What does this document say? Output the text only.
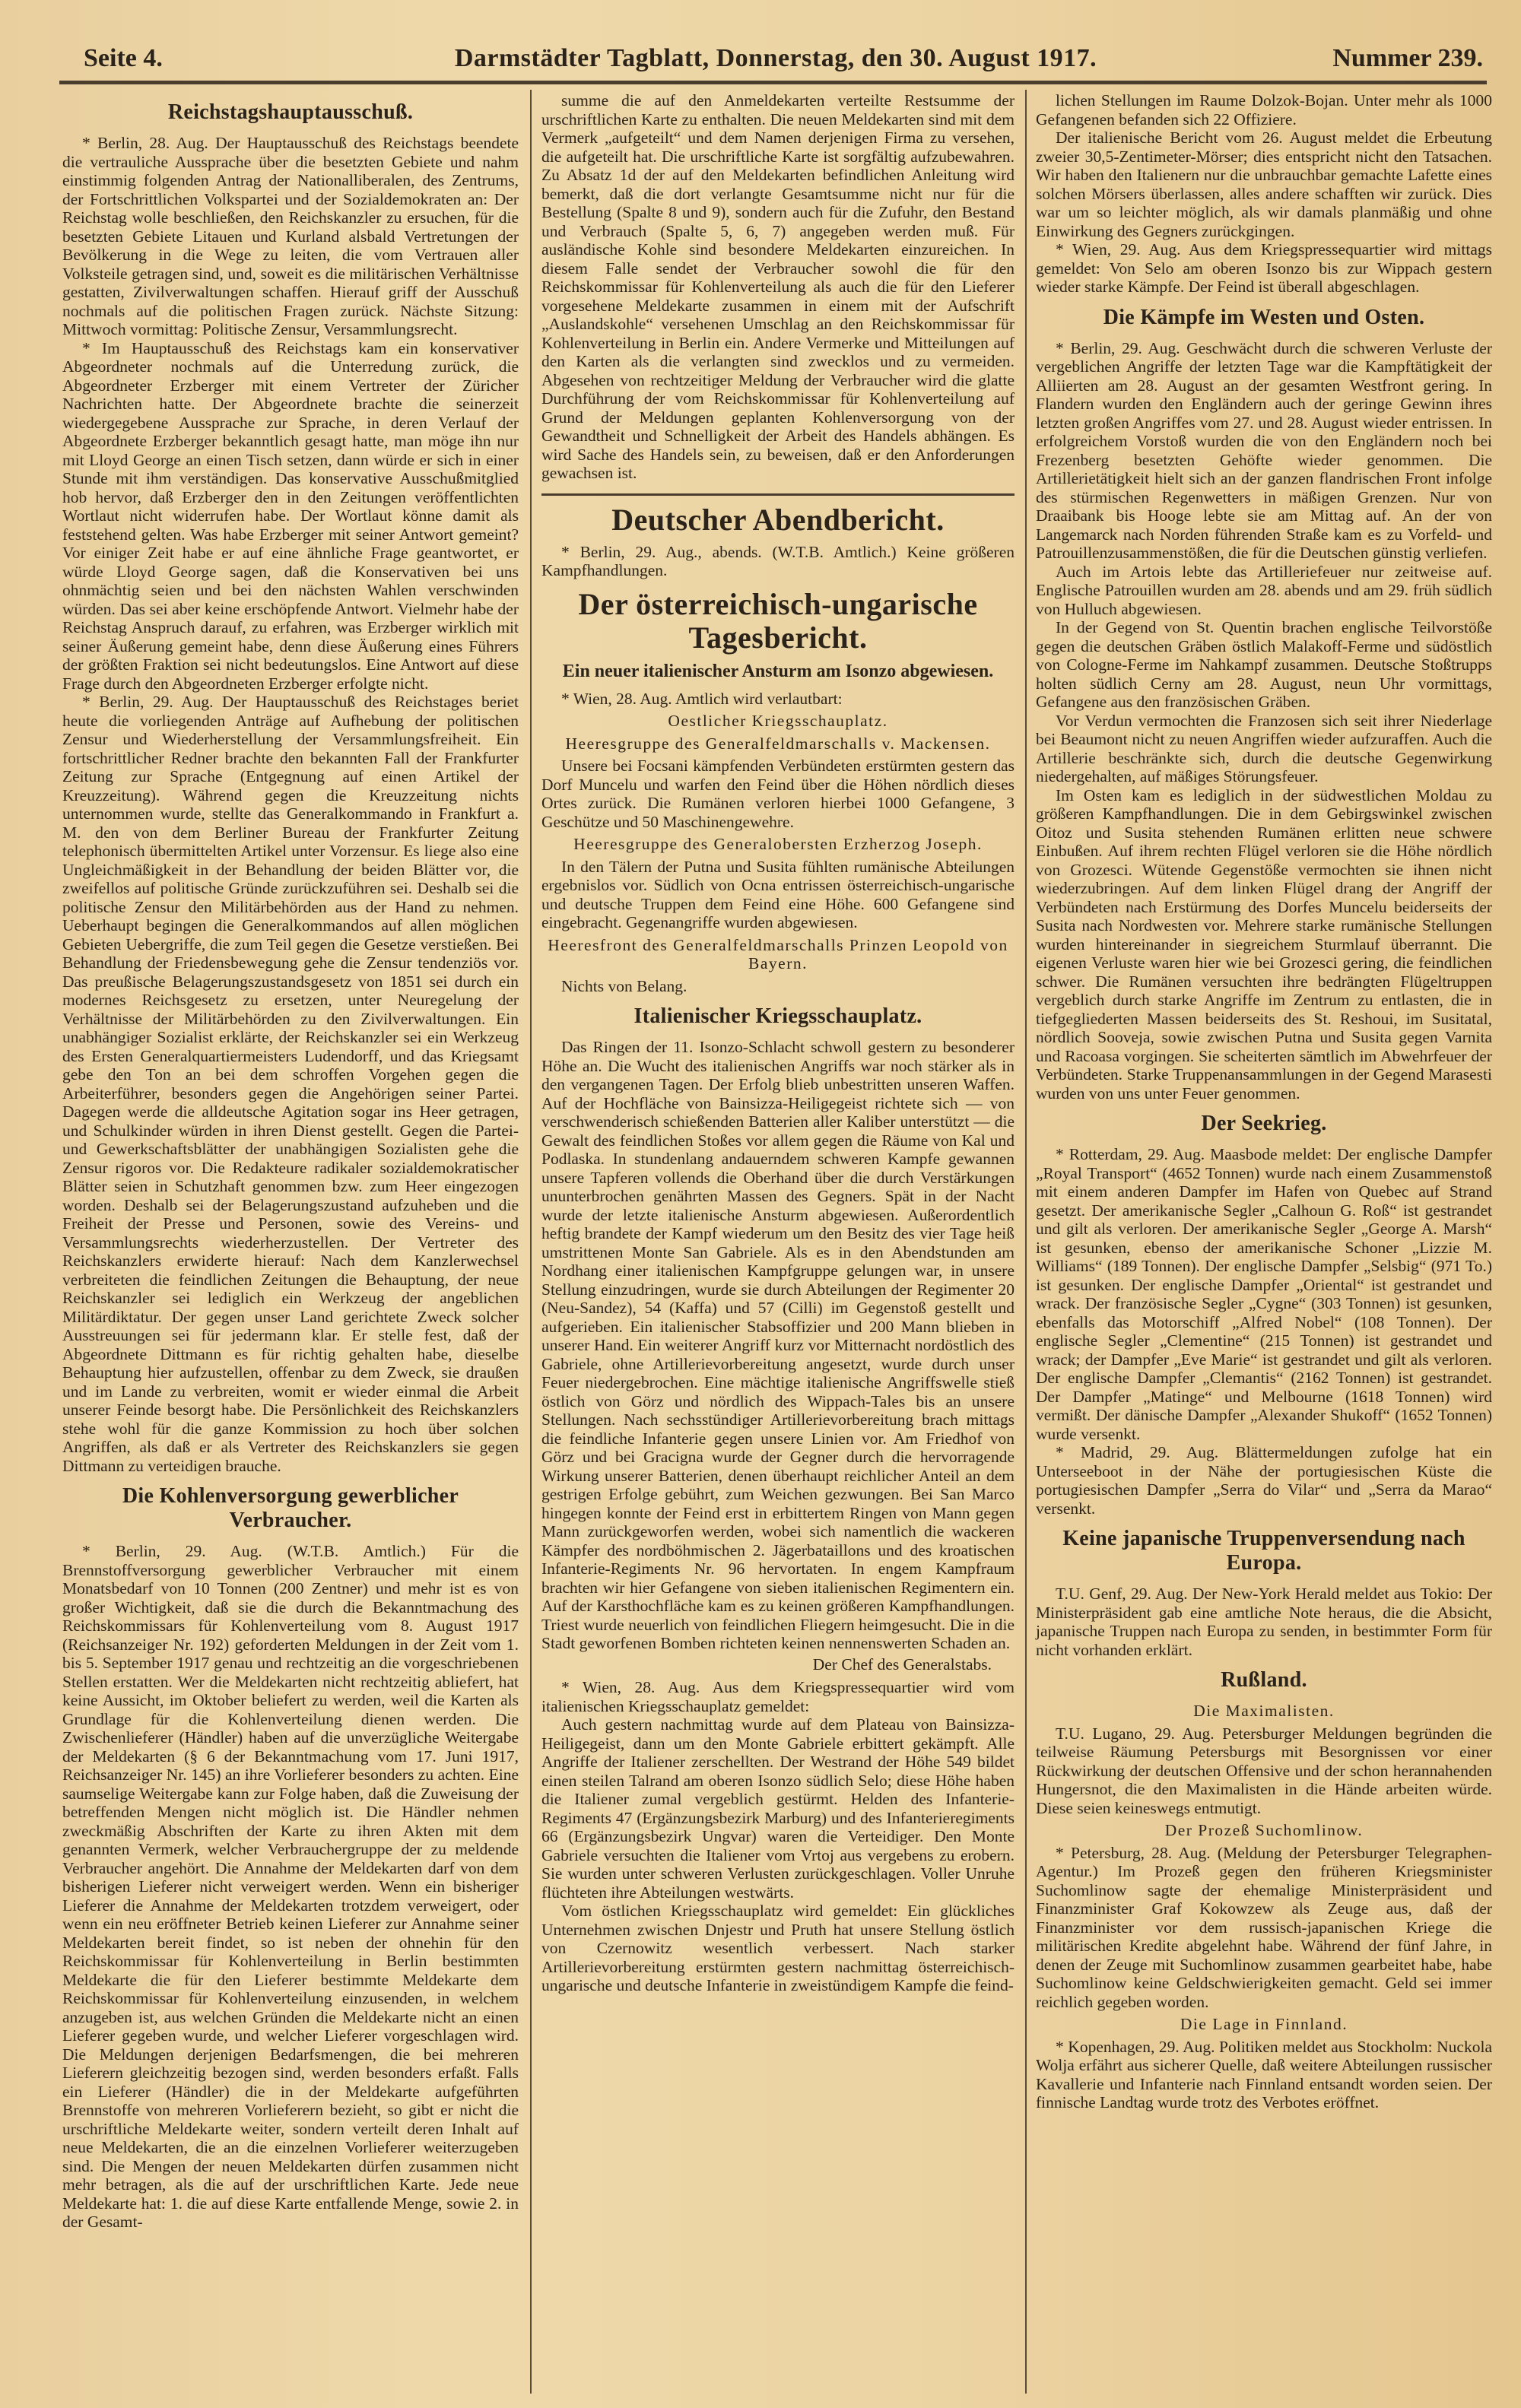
Seite 4.	Darmstädter Tagblatt, Donnerstag, den 30. August 1917.	Nummer 239.
Reichstagshauptausschuß.

* Berlin, 28. Aug. Der Hauptausschuß des Reichstags beendete die vertrauliche Aussprache über die besetzten Gebiete und nahm einstimmig folgenden Antrag der Nationalliberalen, des Zentrums, der Fortschrittlichen Volkspartei und der Sozialdemokraten an: Der Reichstag wolle beschließen, den Reichskanzler zu ersuchen, für die besetzten Gebiete Litauen und Kurland alsbald Vertretungen der Bevölkerung in die Wege zu leiten, die vom Vertrauen aller Volksteile getragen sind, und, soweit es die militärischen Verhältnisse gestatten, Zivilverwaltungen schaffen. Hierauf griff der Ausschuß nochmals auf die politischen Fragen zurück. Nächste Sitzung: Mittwoch vormittag: Politische Zensur, Versammlungsrecht.

* Im Hauptausschuß des Reichstags kam ein konservativer Abgeordneter nochmals auf die Unterredung zurück, die Abgeordneter Erzberger mit einem Vertreter der Züricher Nachrichten hatte. Der Abgeordnete brachte die seinerzeit wiedergegebene Aussprache zur Sprache, in deren Verlauf der Abgeordnete Erzberger bekanntlich gesagt hatte, man möge ihn nur mit Lloyd George an einen Tisch setzen, dann würde er sich in einer Stunde mit ihm verständigen. Das konservative Ausschußmitglied hob hervor, daß Erzberger den in den Zeitungen veröffentlichten Wortlaut nicht widerrufen habe. Der Wortlaut könne damit als feststehend gelten. Was habe Erzberger mit seiner Antwort gemeint? Vor einiger Zeit habe er auf eine ähnliche Frage geantwortet, er würde Lloyd George sagen, daß die Konservativen bei uns ohnmächtig seien und bei den nächsten Wahlen verschwinden würden. Das sei aber keine erschöpfende Antwort. Vielmehr habe der Reichstag Anspruch darauf, zu erfahren, was Erzberger wirklich mit seiner Äußerung gemeint habe, denn diese Äußerung eines Führers der größten Fraktion sei nicht bedeutungslos. Eine Antwort auf diese Frage durch den Abgeordneten Erzberger erfolgte nicht.

* Berlin, 29. Aug. Der Hauptausschuß des Reichstages beriet heute die vorliegenden Anträge auf Aufhebung der politischen Zensur und Wiederherstellung der Versammlungsfreiheit. Ein fortschrittlicher Redner brachte den bekannten Fall der Frankfurter Zeitung zur Sprache (Entgegnung auf einen Artikel der Kreuzzeitung). Während gegen die Kreuzzeitung nichts unternommen wurde, stellte das Generalkommando in Frankfurt a. M. den von dem Berliner Bureau der Frankfurter Zeitung telephonisch übermittelten Artikel unter Vorzensur. Es liege also eine Ungleichmäßigkeit in der Behandlung der beiden Blätter vor, die zweifellos auf politische Gründe zurückzuführen sei. Deshalb sei die politische Zensur den Militärbehörden aus der Hand zu nehmen. Ueberhaupt begingen die Generalkommandos auf allen möglichen Gebieten Uebergriffe, die zum Teil gegen die Gesetze verstießen. Bei Behandlung der Friedensbewegung gehe die Zensur tendenziös vor. Das preußische Belagerungszustandsgesetz von 1851 sei durch ein modernes Reichsgesetz zu ersetzen, unter Neuregelung der Verhältnisse der Militärbehörden zu den Zivilverwaltungen. Ein unabhängiger Sozialist erklärte, der Reichskanzler sei ein Werkzeug des Ersten Generalquartiermeisters Ludendorff, und das Kriegsamt gebe den Ton an bei dem schroffen Vorgehen gegen die Arbeiterführer, besonders gegen die Angehörigen seiner Partei. Dagegen werde die alldeutsche Agitation sogar ins Heer getragen, und Schulkinder würden in ihren Dienst gestellt. Gegen die Partei- und Gewerkschaftsblätter der unabhängigen Sozialisten gehe die Zensur rigoros vor. Die Redakteure radikaler sozialdemokratischer Blätter seien in Schutzhaft genommen bzw. zum Heer eingezogen worden. Deshalb sei der Belagerungszustand aufzuheben und die Freiheit der Presse und Personen, sowie des Vereins- und Versammlungsrechts wiederherzustellen. Der Vertreter des Reichskanzlers erwiderte hierauf: Nach dem Kanzlerwechsel verbreiteten die feindlichen Zeitungen die Behauptung, der neue Reichskanzler sei lediglich ein Werkzeug der angeblichen Militärdiktatur. Der gegen unser Land gerichtete Zweck solcher Ausstreuungen sei für jedermann klar. Er stelle fest, daß der Abgeordnete Dittmann es für richtig gehalten habe, dieselbe Behauptung hier aufzustellen, offenbar zu dem Zweck, sie draußen und im Lande zu verbreiten, womit er wieder einmal die Arbeit unserer Feinde besorgt habe. Die Persönlichkeit des Reichskanzlers stehe wohl für die ganze Kommission zu hoch über solchen Angriffen, als daß er als Vertreter des Reichskanzlers sie gegen Dittmann zu verteidigen brauche.

Die Kohlenversorgung gewerblicher Verbraucher.

* Berlin, 29. Aug. (W.T.B. Amtlich.) Für die Brennstoffversorgung gewerblicher Verbraucher mit einem Monatsbedarf von 10 Tonnen (200 Zentner) und mehr ist es von großer Wichtigkeit, daß sie die durch die Bekanntmachung des Reichskommissars für Kohlenverteilung vom 8. August 1917 (Reichsanzeiger Nr. 192) geforderten Meldungen in der Zeit vom 1. bis 5. September 1917 genau und rechtzeitig an die vorgeschriebenen Stellen erstatten. Wer die Meldekarten nicht rechtzeitig abliefert, hat keine Aussicht, im Oktober beliefert zu werden, weil die Karten als Grundlage für die Kohlenverteilung dienen werden. Die Zwischenlieferer (Händler) haben auf die unverzügliche Weitergabe der Meldekarten (§ 6 der Bekanntmachung vom 17. Juni 1917, Reichsanzeiger Nr. 145) an ihre Vorlieferer besonders zu achten. Eine saumselige Weitergabe kann zur Folge haben, daß die Zuweisung der betreffenden Mengen nicht möglich ist. Die Händler nehmen zweckmäßig Abschriften der Karte zu ihren Akten mit dem genannten Vermerk, welcher Verbrauchergruppe der zu meldende Verbraucher angehört. Die Annahme der Meldekarten darf von dem bisherigen Lieferer nicht verweigert werden. Wenn ein bisheriger Lieferer die Annahme der Meldekarten trotzdem verweigert, oder wenn ein neu eröffneter Betrieb keinen Lieferer zur Annahme seiner Meldekarten bereit findet, so ist neben der ohnehin für den Reichskommissar für Kohlenverteilung in Berlin bestimmten Meldekarte die für den Lieferer bestimmte Meldekarte dem Reichskommissar für Kohlenverteilung einzusenden, in welchem anzugeben ist, aus welchen Gründen die Meldekarte nicht an einen Lieferer gegeben wurde, und welcher Lieferer vorgeschlagen wird. Die Meldungen derjenigen Bedarfsmengen, die bei mehreren Lieferern gleichzeitig bezogen sind, werden besonders erfaßt. Falls ein Lieferer (Händler) die in der Meldekarte aufgeführten Brennstoffe von mehreren Vorlieferern bezieht, so gibt er nicht die urschriftliche Meldekarte weiter, sondern verteilt deren Inhalt auf neue Meldekarten, die an die einzelnen Vorlieferer weiterzugeben sind. Die Mengen der neuen Meldekarten dürfen zusammen nicht mehr betragen, als die auf der urschriftlichen Karte. Jede neue Meldekarte hat: 1. die auf diese Karte entfallende Menge, sowie 2. in der Gesamt-

summe die auf den Anmeldekarten verteilte Restsumme der urschriftlichen Karte zu enthalten. Die neuen Meldekarten sind mit dem Vermerk „aufgeteilt“ und dem Namen derjenigen Firma zu versehen, die aufgeteilt hat. Die urschriftliche Karte ist sorgfältig aufzubewahren. Zu Absatz 1d der auf den Meldekarten befindlichen Anleitung wird bemerkt, daß die dort verlangte Gesamtsumme nicht nur für die Bestellung (Spalte 8 und 9), sondern auch für die Zufuhr, den Bestand und Verbrauch (Spalte 5, 6, 7) angegeben werden muß. Für ausländische Kohle sind besondere Meldekarten einzureichen. In diesem Falle sendet der Verbraucher sowohl die für den Reichskommissar für Kohlenverteilung als auch die für den Lieferer vorgesehene Meldekarte zusammen in einem mit der Aufschrift „Auslandskohle“ versehenen Umschlag an den Reichskommissar für Kohlenverteilung in Berlin ein. Andere Vermerke und Mitteilungen auf den Karten als die verlangten sind zwecklos und zu vermeiden. Abgesehen von rechtzeitiger Meldung der Verbraucher wird die glatte Durchführung der vom Reichskommissar für Kohlenverteilung auf Grund der Meldungen geplanten Kohlenversorgung von der Gewandtheit und Schnelligkeit der Arbeit des Handels abhängen. Es wird Sache des Handels sein, zu beweisen, daß er den Anforderungen gewachsen ist.

Deutscher Abendbericht.

* Berlin, 29. Aug., abends. (W.T.B. Amtlich.) Keine größeren Kampfhandlungen.

Der österreichisch-ungarische Tagesbericht.
Ein neuer italienischer Ansturm am Isonzo abgewiesen.

* Wien, 28. Aug. Amtlich wird verlautbart:

Oestlicher Kriegsschauplatz.
Heeresgruppe des Generalfeldmarschalls v. Mackensen.

Unsere bei Focsani kämpfenden Verbündeten erstürmten gestern das Dorf Muncelu und warfen den Feind über die Höhen nördlich dieses Ortes zurück. Die Rumänen verloren hierbei 1000 Gefangene, 3 Geschütze und 50 Maschinengewehre.

Heeresgruppe des Generalobersten Erzherzog Joseph.

In den Tälern der Putna und Susita fühlten rumänische Abteilungen ergebnislos vor. Südlich von Ocna entrissen österreichisch-ungarische und deutsche Truppen dem Feind eine Höhe. 600 Gefangene sind eingebracht. Gegenangriffe wurden abgewiesen.

Heeresfront des Generalfeldmarschalls Prinzen Leopold von Bayern.

Nichts von Belang.

Italienischer Kriegsschauplatz.

Das Ringen der 11. Isonzo-Schlacht schwoll gestern zu besonderer Höhe an. Die Wucht des italienischen Angriffs war noch stärker als in den vergangenen Tagen. Der Erfolg blieb unbestritten unseren Waffen. Auf der Hochfläche von Bainsizza-Heiligegeist richtete sich — von verschwenderisch schießenden Batterien aller Kaliber unterstützt — die Gewalt des feindlichen Stoßes vor allem gegen die Räume von Kal und Podlaska. In stundenlang andauerndem schweren Kampfe gewannen unsere Tapferen vollends die Oberhand über die durch Verstärkungen ununterbrochen genährten Massen des Gegners. Spät in der Nacht wurde der letzte italienische Ansturm abgewiesen. Außerordentlich heftig brandete der Kampf wiederum um den Besitz des vier Tage heiß umstrittenen Monte San Gabriele. Als es in den Abendstunden am Nordhang einer italienischen Kampfgruppe gelungen war, in unsere Stellung einzudringen, wurde sie durch Abteilungen der Regimenter 20 (Neu-Sandez), 54 (Kaffa) und 57 (Cilli) im Gegenstoß gestellt und aufgerieben. Ein italienischer Stabsoffizier und 200 Mann blieben in unserer Hand. Ein weiterer Angriff kurz vor Mitternacht nordöstlich des Gabriele, ohne Artillerievorbereitung angesetzt, wurde durch unser Feuer niedergebrochen. Eine mächtige italienische Angriffswelle stieß östlich von Görz und nördlich des Wippach-Tales bis an unsere Stellungen. Nach sechsstündiger Artillerievorbereitung brach mittags die feindliche Infanterie gegen unsere Linien vor. Am Friedhof von Görz und bei Gracigna wurde der Gegner durch die hervorragende Wirkung unserer Batterien, denen überhaupt reichlicher Anteil an dem gestrigen Erfolge gebührt, zum Weichen gezwungen. Bei San Marco hingegen konnte der Feind erst in erbittertem Ringen von Mann gegen Mann zurückgeworfen werden, wobei sich namentlich die wackeren Kämpfer des nordböhmischen 2. Jägerbataillons und des kroatischen Infanterie-Regiments Nr. 96 hervortaten. In engem Kampfraum brachten wir hier Gefangene von sieben italienischen Regimentern ein. Auf der Karsthochfläche kam es zu keinen größeren Kampfhandlungen. Triest wurde neuerlich von feindlichen Fliegern heimgesucht. Die in die Stadt geworfenen Bomben richteten keinen nennenswerten Schaden an.

Der Chef des Generalstabs.

* Wien, 28. Aug. Aus dem Kriegspressequartier wird vom italienischen Kriegsschauplatz gemeldet:

Auch gestern nachmittag wurde auf dem Plateau von Bainsizza-Heiligegeist, dann um den Monte Gabriele erbittert gekämpft. Alle Angriffe der Italiener zerschellten. Der Westrand der Höhe 549 bildet einen steilen Talrand am oberen Isonzo südlich Selo; diese Höhe haben die Italiener zumal vergeblich gestürmt. Helden des Infanterie-Regiments 47 (Ergänzungsbezirk Marburg) und des Infanterieregiments 66 (Ergänzungsbezirk Ungvar) waren die Verteidiger. Den Monte Gabriele versuchten die Italiener vom Vrtoj aus vergebens zu erobern. Sie wurden unter schweren Verlusten zurückgeschlagen. Voller Unruhe flüchteten ihre Abteilungen westwärts.

Vom östlichen Kriegsschauplatz wird gemeldet: Ein glückliches Unternehmen zwischen Dnjestr und Pruth hat unsere Stellung östlich von Czernowitz wesentlich verbessert. Nach starker Artillerievorbereitung erstürmten gestern nachmittag österreichisch-ungarische und deutsche Infanterie in zweistündigem Kampfe die feind-

lichen Stellungen im Raume Dolzok-Bojan. Unter mehr als 1000 Gefangenen befanden sich 22 Offiziere.

Der italienische Bericht vom 26. August meldet die Erbeutung zweier 30,5-Zentimeter-Mörser; dies entspricht nicht den Tatsachen. Wir haben den Italienern nur die unbrauchbar gemachte Lafette eines solchen Mörsers überlassen, alles andere schafften wir zurück. Dies war um so leichter möglich, als wir damals planmäßig und ohne Einwirkung des Gegners zurückgingen.

* Wien, 29. Aug. Aus dem Kriegspressequartier wird mittags gemeldet: Von Selo am oberen Isonzo bis zur Wippach gestern wieder starke Kämpfe. Der Feind ist überall abgeschlagen.

Die Kämpfe im Westen und Osten.

* Berlin, 29. Aug. Geschwächt durch die schweren Verluste der vergeblichen Angriffe der letzten Tage war die Kampftätigkeit der Alliierten am 28. August an der gesamten Westfront gering. In Flandern wurden den Engländern auch der geringe Gewinn ihres letzten großen Angriffes vom 27. und 28. August wieder entrissen. In erfolgreichem Vorstoß wurden die von den Engländern noch bei Frezenberg besetzten Gehöfte wieder genommen. Die Artillerietätigkeit hielt sich an der ganzen flandrischen Front infolge des stürmischen Regenwetters in mäßigen Grenzen. Nur von Draaibank bis Hooge lebte sie am Mittag auf. An der von Langemarck nach Norden führenden Straße kam es zu Vorfeld- und Patrouillenzusammenstößen, die für die Deutschen günstig verliefen.

Auch im Artois lebte das Artilleriefeuer nur zeitweise auf. Englische Patrouillen wurden am 28. abends und am 29. früh südlich von Hulluch abgewiesen.

In der Gegend von St. Quentin brachen englische Teilvorstöße gegen die deutschen Gräben östlich Malakoff-Ferme und südöstlich von Cologne-Ferme im Nahkampf zusammen. Deutsche Stoßtrupps holten südlich Cerny am 28. August, neun Uhr vormittags, Gefangene aus den französischen Gräben.

Vor Verdun vermochten die Franzosen sich seit ihrer Niederlage bei Beaumont nicht zu neuen Angriffen wieder aufzuraffen. Auch die Artillerie beschränkte sich, durch die deutsche Gegenwirkung niedergehalten, auf mäßiges Störungsfeuer.

Im Osten kam es lediglich in der südwestlichen Moldau zu größeren Kampfhandlungen. Die in dem Gebirgswinkel zwischen Oitoz und Susita stehenden Rumänen erlitten neue schwere Einbußen. Auf ihrem rechten Flügel verloren sie die Höhe nördlich von Grozesci. Wütende Gegenstöße vermochten sie ihnen nicht wiederzubringen. Auf dem linken Flügel drang der Angriff der Verbündeten nach Erstürmung des Dorfes Muncelu beiderseits der Susita nach Nordwesten vor. Mehrere starke rumänische Stellungen wurden hintereinander in siegreichem Sturmlauf überrannt. Die eigenen Verluste waren hier wie bei Grozesci gering, die feindlichen schwer. Die Rumänen versuchten ihre bedrängten Flügeltruppen vergeblich durch starke Angriffe im Zentrum zu entlasten, die in tiefgegliederten Massen beiderseits des St. Reshoui, im Susitatal, nördlich Sooveja, sowie zwischen Putna und Susita gegen Varnita und Racoasa vorgingen. Sie scheiterten sämtlich im Abwehrfeuer der Verbündeten. Starke Truppenansammlungen in der Gegend Marasesti wurden von uns unter Feuer genommen.

Der Seekrieg.

* Rotterdam, 29. Aug. Maasbode meldet: Der englische Dampfer „Royal Transport“ (4652 Tonnen) wurde nach einem Zusammenstoß mit einem anderen Dampfer im Hafen von Quebec auf Strand gesetzt. Der amerikanische Segler „Calhoun G. Roß“ ist gestrandet und gilt als verloren. Der amerikanische Segler „George A. Marsh“ ist gesunken, ebenso der amerikanische Schoner „Lizzie M. Williams“ (189 Tonnen). Der englische Dampfer „Selsbig“ (971 To.) ist gesunken. Der englische Dampfer „Oriental“ ist gestrandet und wrack. Der französische Segler „Cygne“ (303 Tonnen) ist gesunken, ebenfalls das Motorschiff „Alfred Nobel“ (108 Tonnen). Der englische Segler „Clementine“ (215 Tonnen) ist gestrandet und wrack; der Dampfer „Eve Marie“ ist gestrandet und gilt als verloren. Der englische Dampfer „Clemantis“ (2162 Tonnen) ist gestrandet. Der Dampfer „Matinge“ und Melbourne (1618 Tonnen) wird vermißt. Der dänische Dampfer „Alexander Shukoff“ (1652 Tonnen) wurde versenkt.

* Madrid, 29. Aug. Blättermeldungen zufolge hat ein Unterseeboot in der Nähe der portugiesischen Küste die portugiesischen Dampfer „Serra do Vilar“ und „Serra da Marao“ versenkt.

Keine japanische Truppenversendung nach Europa.

T.U. Genf, 29. Aug. Der New-York Herald meldet aus Tokio: Der Ministerpräsident gab eine amtliche Note heraus, die die Absicht, japanische Truppen nach Europa zu senden, in bestimmter Form für nicht vorhanden erklärt.

Rußland.
Die Maximalisten.

T.U. Lugano, 29. Aug. Petersburger Meldungen begründen die teilweise Räumung Petersburgs mit Besorgnissen vor einer Rückwirkung der deutschen Offensive und der schon herannahenden Hungersnot, die den Maximalisten in die Hände arbeiten würde. Diese seien keineswegs entmutigt.

Der Prozeß Suchomlinow.

* Petersburg, 28. Aug. (Meldung der Petersburger Telegraphen-Agentur.) Im Prozeß gegen den früheren Kriegsminister Suchomlinow sagte der ehemalige Ministerpräsident und Finanzminister Graf Kokowzew als Zeuge aus, daß der Finanzminister vor dem russisch-japanischen Kriege die militärischen Kredite abgelehnt habe. Während der fünf Jahre, in denen der Zeuge mit Suchomlinow zusammen gearbeitet habe, habe Suchomlinow keine Geldschwierigkeiten gemacht. Geld sei immer reichlich gegeben worden.

Die Lage in Finnland.

* Kopenhagen, 29. Aug. Politiken meldet aus Stockholm: Nuckola Wolja erfährt aus sicherer Quelle, daß weitere Abteilungen russischer Kavallerie und Infanterie nach Finnland entsandt worden seien. Der finnische Landtag wurde trotz des Verbotes eröffnet.
